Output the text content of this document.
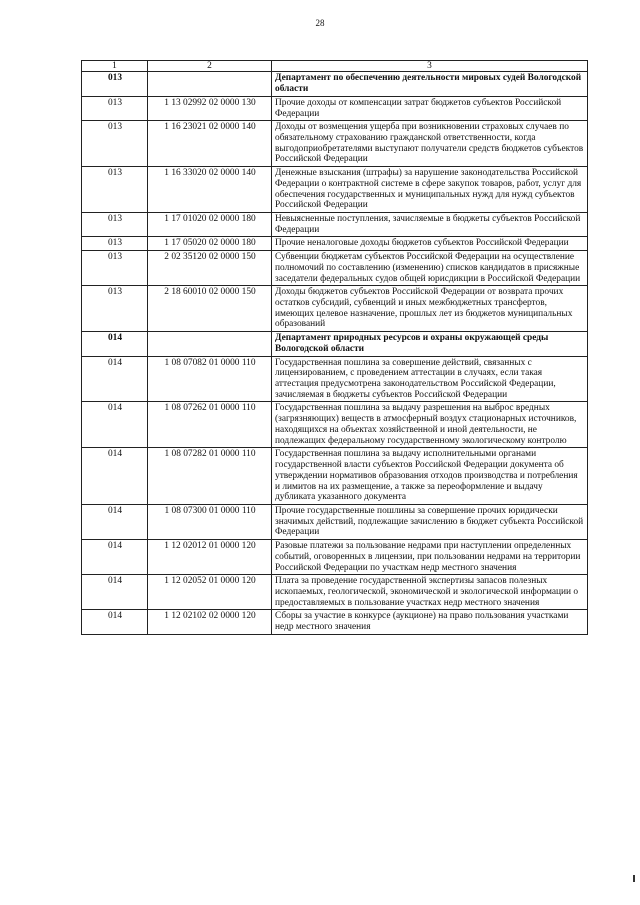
28
1	2	3
013		Департамент по обеспечению деятельности мировых судей Вологодской области
013	1 13 02992 02 0000 130	Прочие доходы от компенсации затрат бюджетов субъектов Российской Федерации
013	1 16 23021 02 0000 140	Доходы от возмещения ущерба при возникновении страховых случаев по обязательному страхованию гражданской ответственности, когда выгодоприобретателями выступают получатели средств бюджетов субъектов Российской Федерации
013	1 16 33020 02 0000 140	Денежные взыскания (штрафы) за нарушение законодательства Российской Федерации о контрактной системе в сфере закупок товаров, работ, услуг для обеспечения государственных и муниципальных нужд для нужд субъектов Российской Федерации
013	1 17 01020 02 0000 180	Невыясненные поступления, зачисляемые в бюджеты субъектов Российской Федерации
013	1 17 05020 02 0000 180	Прочие неналоговые доходы бюджетов субъектов Российской Федерации
013	2 02 35120 02 0000 150	Субвенции бюджетам субъектов Российской Федерации на осуществление полномочий по составлению (изменению) списков кандидатов в присяжные заседатели федеральных судов общей юрисдикции в Российской Федерации
013	2 18 60010 02 0000 150	Доходы бюджетов субъектов Российской Федерации от возврата прочих остатков субсидий, субвенций и иных межбюджетных трансфертов, имеющих целевое назначение, прошлых лет из бюджетов муниципальных образований
014		Департамент природных ресурсов и охраны окружающей среды Вологодской области
014	1 08 07082 01 0000 110	Государственная пошлина за совершение действий, связанных с лицензированием, с проведением аттестации в случаях, если такая аттестация предусмотрена законодательством Российской Федерации, зачисляемая в бюджеты субъектов Российской Федерации
014	1 08 07262 01 0000 110	Государственная пошлина за выдачу разрешения на выброс вредных (загрязняющих) веществ в атмосферный воздух стационарных источников, находящихся на объектах хозяйственной и иной деятельности, не подлежащих федеральному государственному экологическому контролю
014	1 08 07282 01 0000 110	Государственная пошлина за выдачу исполнительными органами государственной власти субъектов Российской Федерации документа об утверждении нормативов образования отходов производства и потребления и лимитов на их размещение, а также за переоформление и выдачу дубликата указанного документа
014	1 08 07300 01 0000 110	Прочие государственные пошлины за совершение прочих юридически значимых действий, подлежащие зачислению в бюджет субъекта Российской Федерации
014	1 12 02012 01 0000 120	Разовые платежи за пользование недрами при наступлении определенных событий, оговоренных в лицензии, при пользовании недрами на территории Российской Федерации по участкам недр местного значения
014	1 12 02052 01 0000 120	Плата за проведение государственной экспертизы запасов полезных ископаемых, геологической, экономической и экологической информации о предоставляемых в пользование участках недр местного значения
014	1 12 02102 02 0000 120	Сборы за участие в конкурсе (аукционе) на право пользования участками недр местного значения
